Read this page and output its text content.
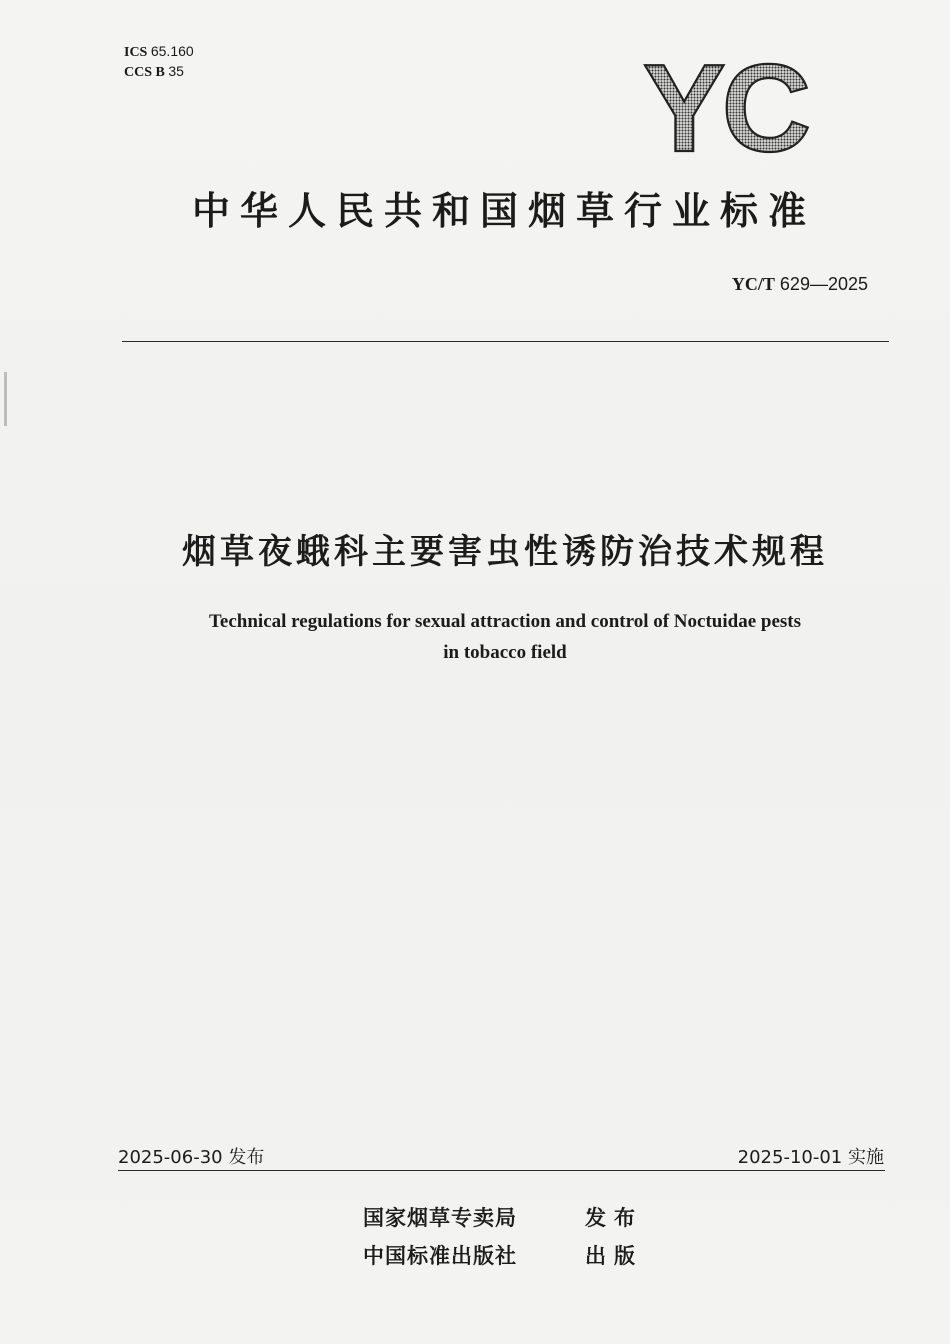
ICS 65.160
CCS B 35	YC
中华人民共和国烟草行业标准
YC/T 629—2025
烟草夜蛾科主要害虫性诱防治技术规程
Technical regulations for sexual attraction and control of Noctuidae pests
in tobacco field
2025-06-30 发布	2025-10-01 实施
国家烟草专卖局	发布
中国标准出版社	出版
